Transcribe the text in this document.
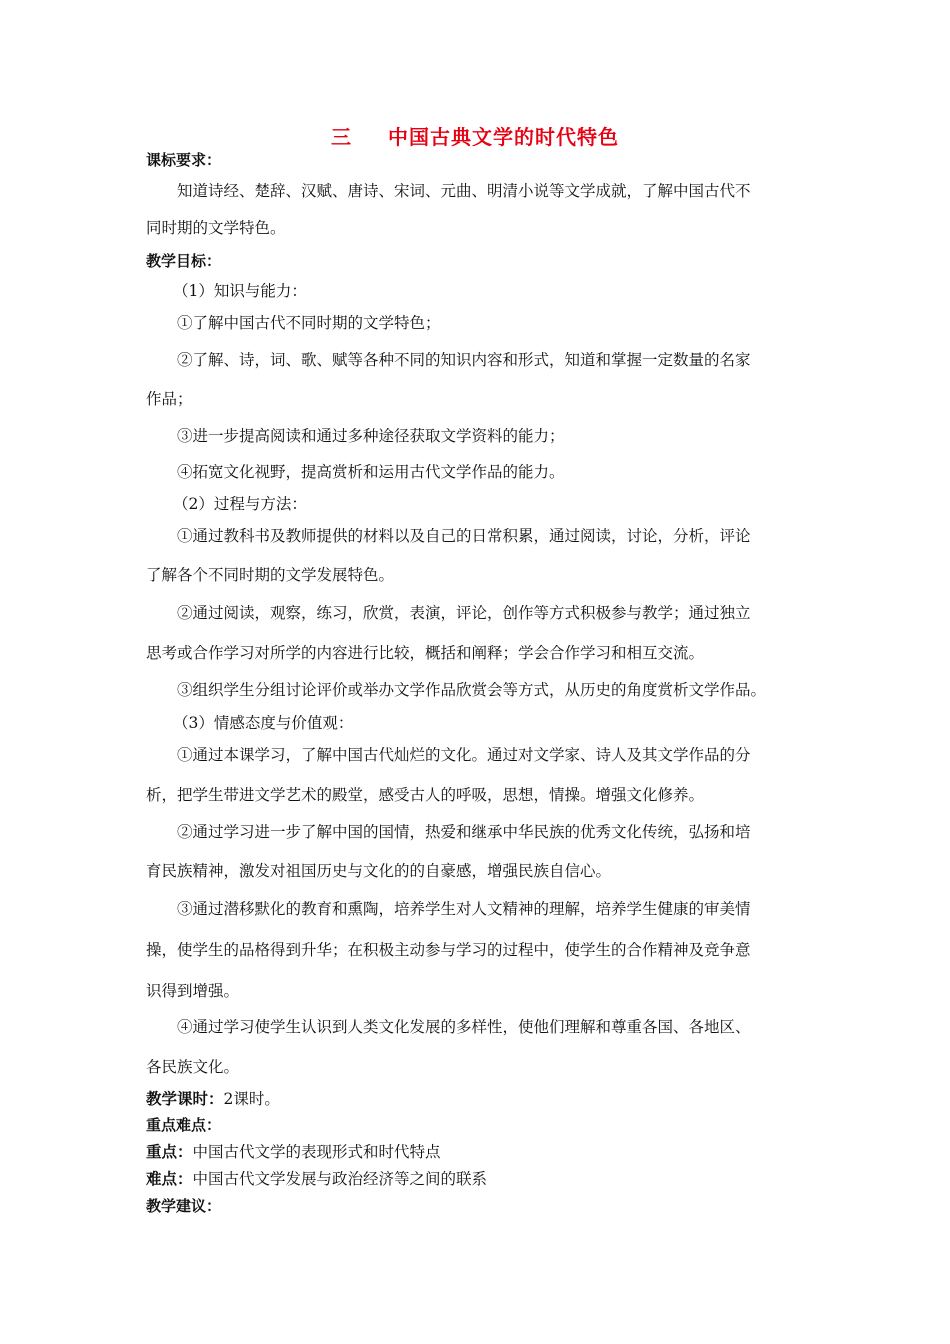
三 中国古典文学的时代特色
课标要求：
知道诗经、楚辞、汉赋、唐诗、宋词、元曲、明清小说等文学成就，了解中国古代不
同时期的文学特色。
教学目标：
（1）知识与能力：
①了解中国古代不同时期的文学特色；
②了解、诗，词、歌、赋等各种不同的知识内容和形式，知道和掌握一定数量的名家
作品；
③进一步提高阅读和通过多种途径获取文学资料的能力；
④拓宽文化视野，提高赏析和运用古代文学作品的能力。
（2）过程与方法：
①通过教科书及教师提供的材料以及自己的日常积累，通过阅读，讨论，分析，评论
了解各个不同时期的文学发展特色。
②通过阅读，观察，练习，欣赏，表演，评论，创作等方式积极参与教学；通过独立
思考或合作学习对所学的内容进行比较，概括和阐释；学会合作学习和相互交流。
③组织学生分组讨论评价或举办文学作品欣赏会等方式，从历史的角度赏析文学作品。
（3）情感态度与价值观：
①通过本课学习，了解中国古代灿烂的文化。通过对文学家、诗人及其文学作品的分
析，把学生带进文学艺术的殿堂，感受古人的呼吸，思想，情操。增强文化修养。
②通过学习进一步了解中国的国情，热爱和继承中华民族的优秀文化传统，弘扬和培
育民族精神，激发对祖国历史与文化的的自豪感，增强民族自信心。
③通过潜移默化的教育和熏陶，培养学生对人文精神的理解，培养学生健康的审美情
操，使学生的品格得到升华；在积极主动参与学习的过程中，使学生的合作精神及竞争意
识得到增强。
④通过学习使学生认识到人类文化发展的多样性，使他们理解和尊重各国、各地区、
各民族文化。
教学课时：2课时。
重点难点：
重点：中国古代文学的表现形式和时代特点
难点：中国古代文学发展与政治经济等之间的联系
教学建议：
